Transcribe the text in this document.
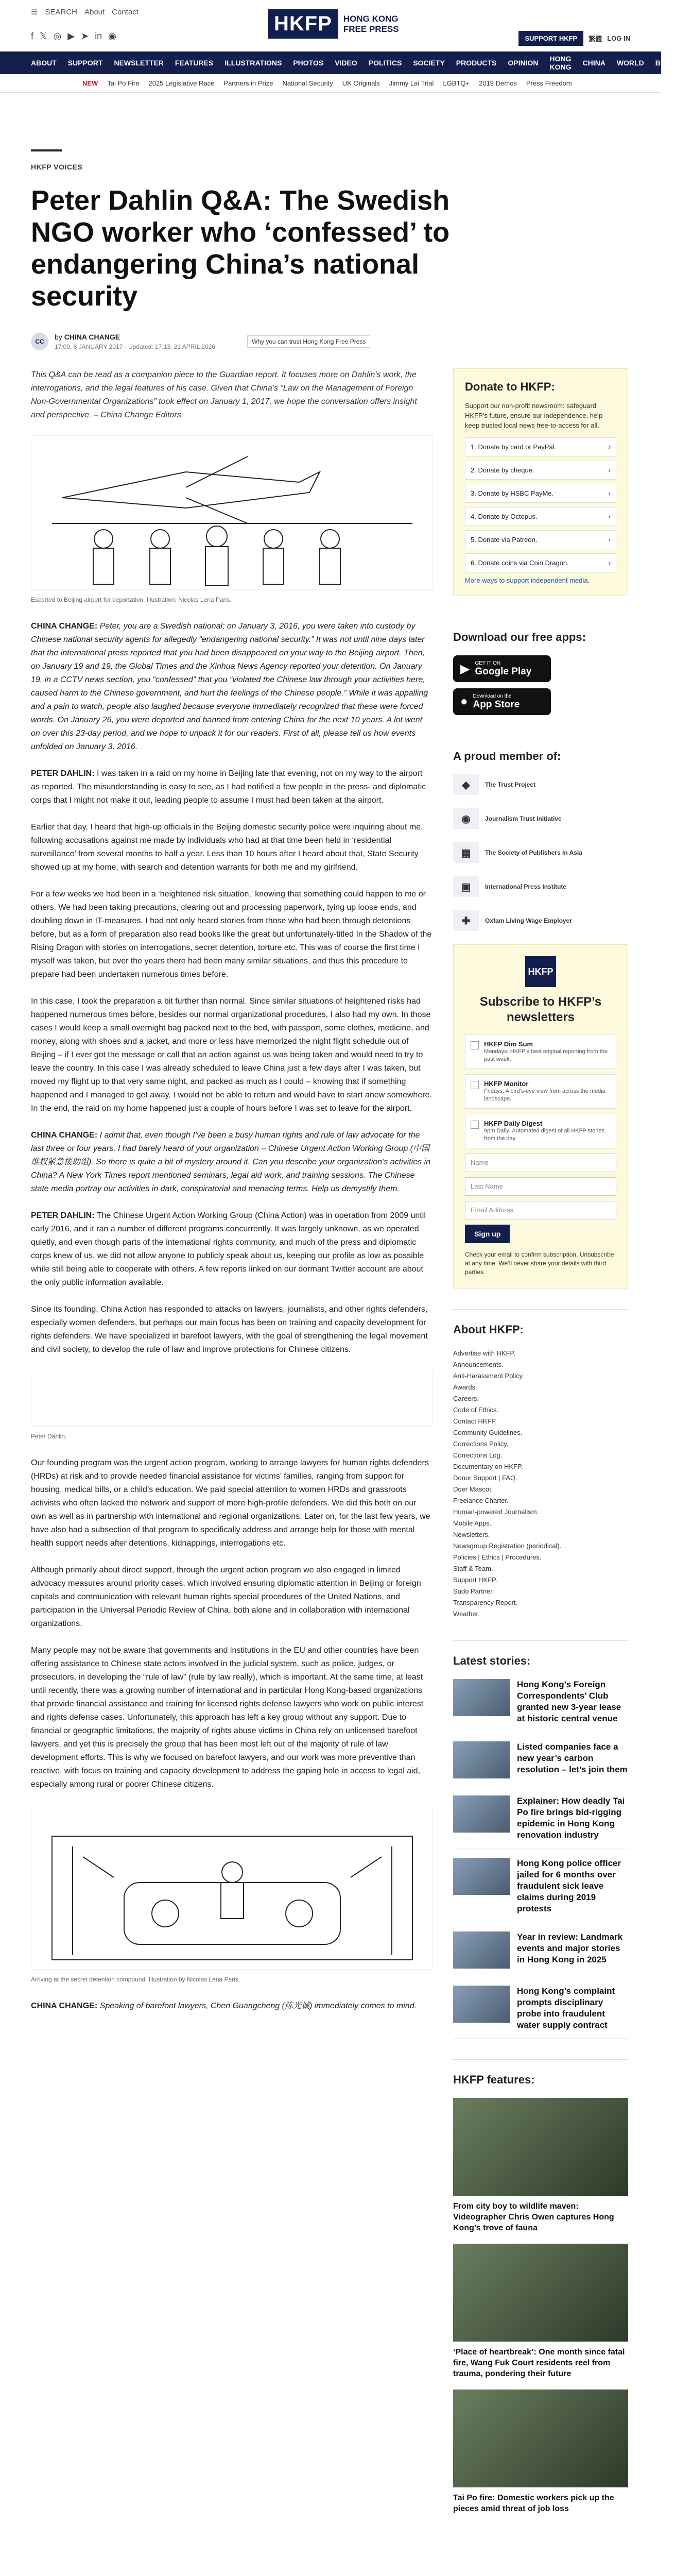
☰ SEARCH About Contact
f 𝕏 ◎ ▶ ➤ in ◉
HKFP	HONG KONG
FREE PRESS
SUPPORT HKFP	繁體 LOG IN
ABOUT SUPPORT NEWSLETTER FEATURES ILLUSTRATIONS PHOTOS VIDEO POLITICS SOCIETY PRODUCTS OPINION HONG KONG CHINA WORLD BUSINESS
NEW Tai Po Fire 2025 Legislative Race Partners in Prize National Security UK Originals Jimmy Lai Trial LGBTQ+ 2019 Demos Press Freedom
HKFP VOICES
Peter Dahlin Q&A: The Swedish NGO worker who ‘confessed’ to endangering China’s national security
CC
by CHINA CHANGE
17:00, 8 JANUARY 2017 · Updated: 17:13, 21 APRIL 2026
Why you can trust Hong Kong Free Press

This Q&A can be read as a companion piece to the Guardian report. It focuses more on Dahlin’s work, the interrogations, and the legal features of his case. Given that China’s “Law on the Management of Foreign Non-Governmental Organizations” took effect on January 1, 2017, we hope the conversation offers insight and perspective. – China Change Editors.

Escorted to Beijing airport for deportation. Illustration: Nicolas Lena Paris.

CHINA CHANGE: Peter, you are a Swedish national; on January 3, 2016, you were taken into custody by Chinese national security agents for allegedly “endangering national security.” It was not until nine days later that the international press reported that you had been disappeared on your way to the Beijing airport. Then, on January 19 and 19, the Global Times and the Xinhua News Agency reported your detention. On January 19, in a CCTV news section, you “confessed” that you “violated the Chinese law through your activities here, caused harm to the Chinese government, and hurt the feelings of the Chinese people.” While it was appalling and a pain to watch, people also laughed because everyone immediately recognized that these were forced words. On January 26, you were deported and banned from entering China for the next 10 years. A lot went on over this 23-day period, and we hope to unpack it for our readers. First of all, please tell us how events unfolded on January 3, 2016.

PETER DAHLIN: I was taken in a raid on my home in Beijing late that evening, not on my way to the airport as reported. The misunderstanding is easy to see, as I had notified a few people in the press- and diplomatic corps that I might not make it out, leading people to assume I must had been taken at the airport.

Earlier that day, I heard that high-up officials in the Beijing domestic security police were inquiring about me, following accusations against me made by individuals who had at that time been held in ‘residential surveillance’ from several months to half a year. Less than 10 hours after I heard about that, State Security showed up at my home, with search and detention warrants for both me and my girlfriend.

For a few weeks we had been in a ‘heightened risk situation,’ knowing that something could happen to me or others. We had been taking precautions, clearing out and processing paperwork, tying up loose ends, and doubling down in IT-measures. I had not only heard stories from those who had been through detentions before, but as a form of preparation also read books like the great but unfortunately-titled In the Shadow of the Rising Dragon with stories on interrogations, secret detention, torture etc. This was of course the first time I myself was taken, but over the years there had been many similar situations, and thus this procedure to prepare had been undertaken numerous times before.

In this case, I took the preparation a bit further than normal. Since similar situations of heightened risks had happened numerous times before, besides our normal organizational procedures, I also had my own. In those cases I would keep a small overnight bag packed next to the bed, with passport, some clothes, medicine, and money, along with shoes and a jacket, and more or less have memorized the night flight schedule out of Beijing – if I ever got the message or call that an action against us was being taken and would need to try to leave the country. In this case I was already scheduled to leave China just a few days after I was taken, but moved my flight up to that very same night, and packed as much as I could – knowing that if something happened and I managed to get away, I would not be able to return and would have to start anew somewhere. In the end, the raid on my home happened just a couple of hours before I was set to leave for the airport.

CHINA CHANGE: I admit that, even though I’ve been a busy human rights and rule of law advocate for the last three or four years, I had barely heard of your organization – Chinese Urgent Action Working Group (中国维权紧急援助组). So there is quite a bit of mystery around it. Can you describe your organization’s activities in China? A New York Times report mentioned seminars, legal aid work, and training sessions. The Chinese state media portray our activities in dark, conspiratorial and menacing terms. Help us demystify them.

PETER DAHLIN: The Chinese Urgent Action Working Group (China Action) was in operation from 2009 until early 2016, and it ran a number of different programs concurrently. It was largely unknown, as we operated quietly, and even though parts of the international rights community, and much of the press and diplomatic corps knew of us, we did not allow anyone to publicly speak about us, keeping our profile as low as possible while still being able to cooperate with others. A few reports linked on our dormant Twitter account are about the only public information available.

Since its founding, China Action has responded to attacks on lawyers, journalists, and other rights defenders, especially women defenders, but perhaps our main focus has been on training and capacity development for rights defenders. We have specialized in barefoot lawyers, with the goal of strengthening the legal movement and civil society, to develop the rule of law and improve protections for Chinese citizens.

Peter Dahlin.

Our founding program was the urgent action program, working to arrange lawyers for human rights defenders (HRDs) at risk and to provide needed financial assistance for victims’ families, ranging from support for housing, medical bills, or a child’s education. We paid special attention to women HRDs and grassroots activists who often lacked the network and support of more high-profile defenders. We did this both on our own as well as in partnership with international and regional organizations. Later on, for the last few years, we have also had a subsection of that program to specifically address and arrange help for those with mental health support needs after detentions, kidnappings, interrogations etc.

Although primarily about direct support, through the urgent action program we also engaged in limited advocacy measures around priority cases, which involved ensuring diplomatic attention in Beijing or foreign capitals and communication with relevant human rights special procedures of the United Nations, and participation in the Universal Periodic Review of China, both alone and in collaboration with international organizations.

Many people may not be aware that governments and institutions in the EU and other countries have been offering assistance to Chinese state actors involved in the judicial system, such as police, judges, or prosecutors, in developing the “rule of law” (rule by law really), which is important. At the same time, at least until recently, there was a growing number of international and in particular Hong Kong-based organizations that provide financial assistance and training for licensed rights defense lawyers who work on public interest and rights defense cases. Unfortunately, this approach has left a key group without any support. Due to financial or geographic limitations, the majority of rights abuse victims in China rely on unlicensed barefoot lawyers, and yet this is precisely the group that has been most left out of the majority of rule of law development efforts. This is why we focused on barefoot lawyers, and our work was more preventive than reactive, with focus on training and capacity development to address the gaping hole in access to legal aid, especially among rural or poorer Chinese citizens.

Arriving at the secret detention compound. Illustration by Nicolas Lena Paris.

CHINA CHANGE: Speaking of barefoot lawyers, Chen Guangcheng (陈光诚) immediately comes to mind.

Donate to HKFP:

Support our non-profit newsroom: safeguard HKFP’s future, ensure our independence, help keep trusted local news free-to-access for all.

1. Donate by card or PayPal.	›
2. Donate by cheque.	›
3. Donate by HSBC PayMe.	›
4. Donate by Octopus.	›
5. Donate via Patreon.	›
6. Donate coins via Coin Dragon.	›
More ways to support independent media.
Download our free apps:
▶ GET IT ON
Google Play
● Download on the
App Store
A proud member of:
◆	The Trust Project
◉	Journalism Trust Initiative
▦	The Society of Publishers in Asia
▣	International Press Institute
✚	Oxfam Living Wage Employer
HKFP
Subscribe to HKFP’s newsletters
HKFP Dim Sum
Mondays: HKFP’s best original reporting from the past week.
HKFP Monitor
Fridays: A bird’s-eye view from across the media landscape.
HKFP Daily Digest
9pm Daily: Automated digest of all HKFP stories from the day.
Name
Last Name
Email Address
Sign up
Check your email to confirm subscription. Unsubscribe at any time. We’ll never share your details with third parties.
About HKFP:
Advertise with HKFP.
Announcements.
Anti-Harassment Policy.
Awards.
Careers.
Code of Ethics.
Contact HKFP.
Community Guidelines.
Corrections Policy.
Corrections Log.
Documentary on HKFP.
Donor Support | FAQ.
Doer Mascot.
Freelance Charter.
Human-powered Journalism.
Mobile Apps.
Newsletters.
Newsgroup Registration (periodical).
Policies | Ethics | Procedures.
Staff & Team.
Support HKFP.
Sudo Partner.
Transparency Report.
Weather.
Latest stories:
Hong Kong’s Foreign Correspondents’ Club granted new 3-year lease at historic central venue
Listed companies face a new year’s carbon resolution – let’s join them
Explainer: How deadly Tai Po fire brings bid-rigging epidemic in Hong Kong renovation industry
Hong Kong police officer jailed for 6 months over fraudulent sick leave claims during 2019 protests
Year in review: Landmark events and major stories in Hong Kong in 2025
Hong Kong’s complaint prompts disciplinary probe into fraudulent water supply contract
HKFP features:
From city boy to wildlife maven: Videographer Chris Owen captures Hong Kong’s trove of fauna
‘Place of heartbreak’: One month since fatal fire, Wang Fuk Court residents reel from trauma, pondering their future
Tai Po fire: Domestic workers pick up the pieces amid threat of job loss
